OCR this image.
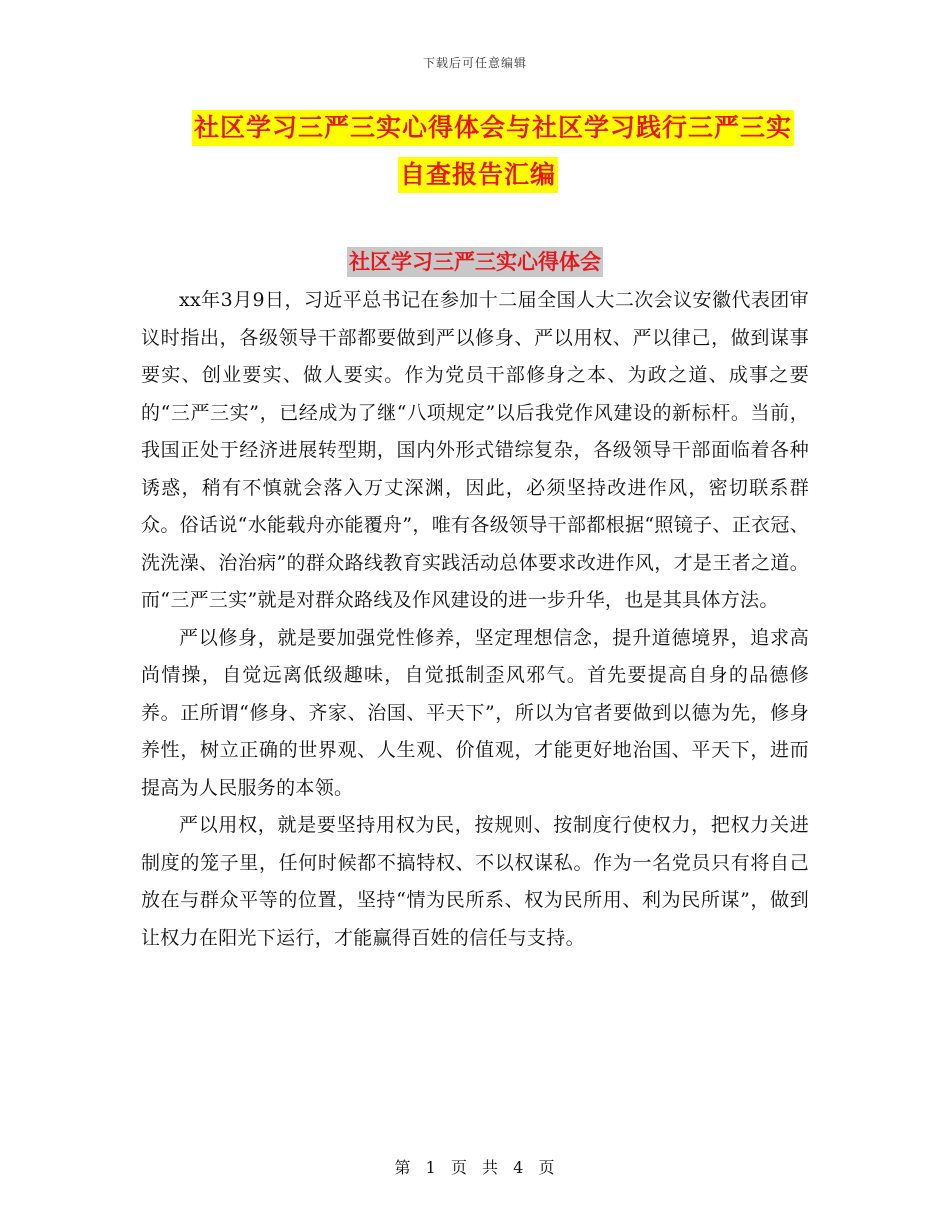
下载后可任意编辑
社区学习三严三实心得体会与社区学习践行三严三实
自查报告汇编
社区学习三严三实心得体会

xx年3月9日，习近平总书记在参加十二届全国人大二次会议安徽代表团审议时指出，各级领导干部都要做到严以修身、严以用权、严以律己，做到谋事要实、创业要实、做人要实。作为党员干部修身之本、为政之道、成事之要的“三严三实”，已经成为了继“八项规定”以后我党作风建设的新标杆。当前，我国正处于经济进展转型期，国内外形式错综复杂，各级领导干部面临着各种诱惑，稍有不慎就会落入万丈深渊，因此，必须坚持改进作风，密切联系群众。俗话说“水能载舟亦能覆舟”，唯有各级领导干部都根据“照镜子、正衣冠、洗洗澡、治治病”的群众路线教育实践活动总体要求改进作风，才是王者之道。而“三严三实”就是对群众路线及作风建设的进一步升华，也是其具体方法。

严以修身，就是要加强党性修养，坚定理想信念，提升道德境界，追求高尚情操，自觉远离低级趣味，自觉抵制歪风邪气。首先要提高自身的品德修养。正所谓“修身、齐家、治国、平天下”，所以为官者要做到以德为先，修身养性，树立正确的世界观、人生观、价值观，才能更好地治国、平天下，进而提高为人民服务的本领。

严以用权，就是要坚持用权为民，按规则、按制度行使权力，把权力关进制度的笼子里，任何时候都不搞特权、不以权谋私。作为一名党员只有将自己放在与群众平等的位置，坚持“情为民所系、权为民所用、利为民所谋”，做到让权力在阳光下运行，才能赢得百姓的信任与支持。

第 1 页 共 4 页
